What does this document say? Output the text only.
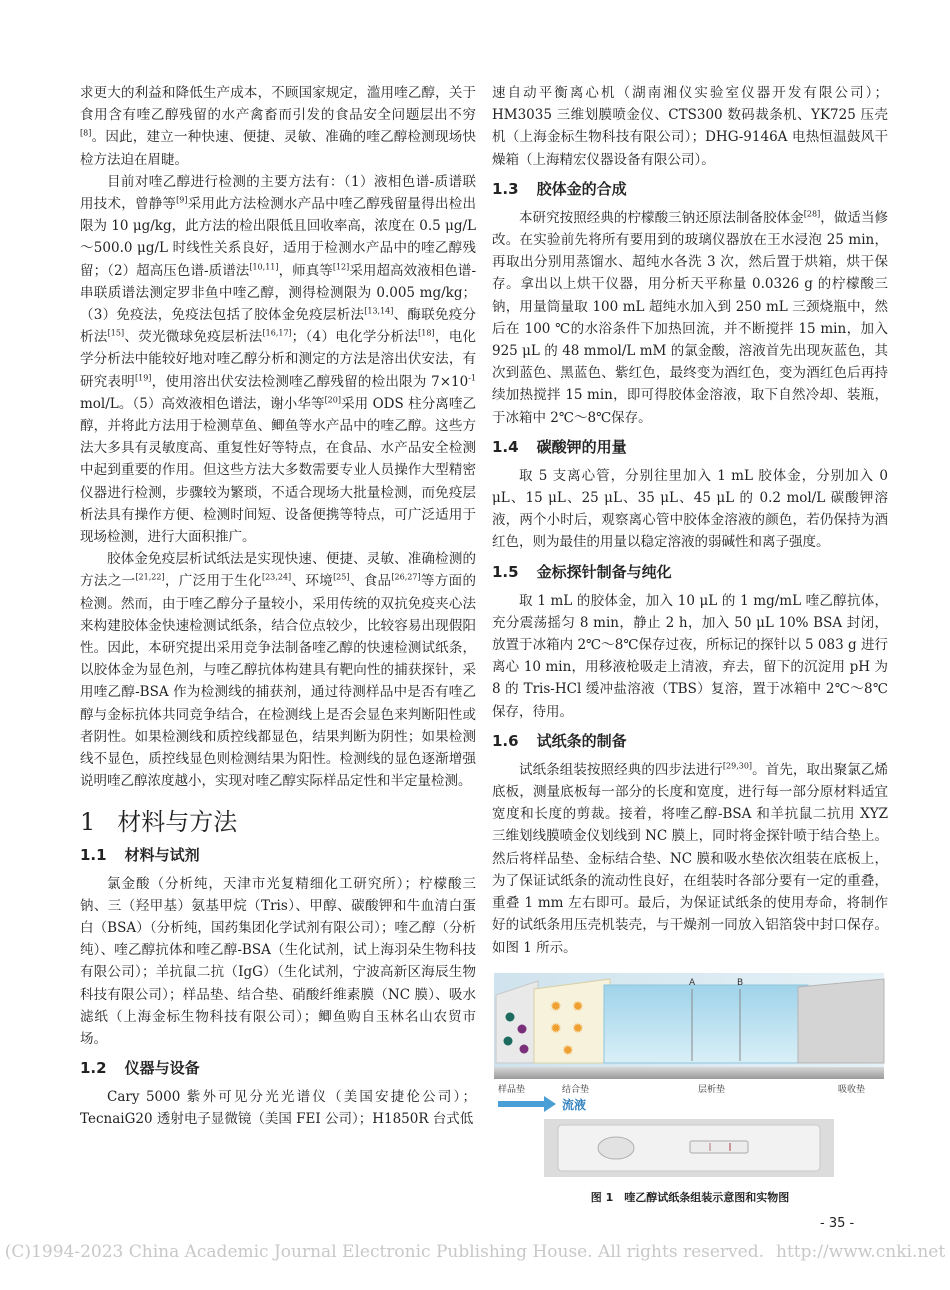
求更大的利益和降低生产成本，不顾国家规定，滥用喹乙醇，关于食用含有喹乙醇残留的水产禽畜而引发的食品安全问题层出不穷[8]。因此，建立一种快速、便捷、灵敏、准确的喹乙醇检测现场快检方法迫在眉睫。

目前对喹乙醇进行检测的主要方法有：（1）液相色谱-质谱联用技术，曾静等[9]采用此方法检测水产品中喹乙醇残留量得出检出限为 10 μg/kg，此方法的检出限低且回收率高，浓度在 0.5 μg/L～500.0 μg/L 时线性关系良好，适用于检测水产品中的喹乙醇残留；（2）超高压色谱-质谱法[10,11]，师真等[12]采用超高效液相色谱-串联质谱法测定罗非鱼中喹乙醇，测得检测限为 0.005 mg/kg；（3）免疫法，免疫法包括了胶体金免疫层析法[13,14]、酶联免疫分析法[15]、荧光微球免疫层析法[16,17]；（4）电化学分析法[18]，电化学分析法中能较好地对喹乙醇分析和测定的方法是溶出伏安法，有研究表明[19]，使用溶出伏安法检测喹乙醇残留的检出限为 $7\times 10^{-1}$ mol/L。（5）高效液相色谱法，谢小华等[20]采用 ODS 柱分离喹乙醇，并将此方法用于检测草鱼、鲫鱼等水产品中的喹乙醇。这些方法大多具有灵敏度高、重复性好等特点，在食品、水产品安全检测中起到重要的作用。但这些方法大多数需要专业人员操作大型精密仪器进行检测，步骤较为繁琐，不适合现场大批量检测，而免疫层析法具有操作方便、检测时间短、设备便携等特点，可广泛适用于现场检测，进行大面积推广。

胶体金免疫层析试纸法是实现快速、便捷、灵敏、准确检测的方法之一[21,22]，广泛用于生化[23,24]、环境[25]、食品[26,27]等方面的检测。然而，由于喹乙醇分子量较小，采用传统的双抗免疫夹心法来构建胶体金快速检测试纸条，结合位点较少，比较容易出现假阳性。因此，本研究提出采用竞争法制备喹乙醇的快速检测试纸条，以胶体金为显色剂，与喹乙醇抗体构建具有靶向性的捕获探针，采用喹乙醇-BSA 作为检测线的捕获剂，通过待测样品中是否有喹乙醇与金标抗体共同竞争结合，在检测线上是否会显色来判断阳性或者阴性。如果检测线和质控线都显色，结果判断为阴性；如果检测线不显色，质控线显色则检测结果为阳性。检测线的显色逐渐增强说明喹乙醇浓度越小，实现对喹乙醇实际样品定性和半定量检测。

1 材料与方法
1.1 材料与试剂

氯金酸（分析纯，天津市光复精细化工研究所）；柠檬酸三钠、三（羟甲基）氨基甲烷（Tris）、甲醇、碳酸钾和牛血清白蛋白（BSA）（分析纯，国药集团化学试剂有限公司）；喹乙醇（分析纯）、喹乙醇抗体和喹乙醇-BSA（生化试剂，试上海羽朵生物科技有限公司）；羊抗鼠二抗（IgG）（生化试剂，宁波高新区海辰生物科技有限公司）；样品垫、结合垫、硝酸纤维素膜（NC 膜）、吸水滤纸（上海金标生物科技有限公司）；鲫鱼购自玉林名山农贸市场。

1.2 仪器与设备

Cary 5000 紫外可见分光光谱仪（美国安捷伦公司）；TecnaiG20 透射电子显微镜（美国 FEI 公司）；H1850R 台式低

速自动平衡离心机（湖南湘仪实验室仪器开发有限公司）；HM3035 三维划膜喷金仪、CTS300 数码裁条机、YK725 压壳机（上海金标生物科技有限公司）；DHG-9146A 电热恒温鼓风干燥箱（上海精宏仪器设备有限公司）。

1.3 胶体金的合成

本研究按照经典的柠檬酸三钠还原法制备胶体金[28]，做适当修改。在实验前先将所有要用到的玻璃仪器放在王水浸泡 25 min，再取出分别用蒸馏水、超纯水各洗 3 次，然后置于烘箱，烘干保存。拿出以上烘干仪器，用分析天平称量 0.0326 g 的柠檬酸三钠，用量筒量取 100 mL 超纯水加入到 250 mL 三颈烧瓶中，然后在 100 ℃的水浴条件下加热回流，并不断搅拌 15 min，加入 925 μL 的 48 mmol/L mM 的氯金酸，溶液首先出现灰蓝色，其次到蓝色、黑蓝色、紫红色，最终变为酒红色，变为酒红色后再持续加热搅拌 15 min，即可得胶体金溶液，取下自然冷却、装瓶，于冰箱中 2℃～8℃保存。

1.4 碳酸钾的用量

取 5 支离心管，分别往里加入 1 mL 胶体金，分别加入 0 μL、15 μL、25 μL、35 μL、45 μL 的 0.2 mol/L 碳酸钾溶液，两个小时后，观察离心管中胶体金溶液的颜色，若仍保持为酒红色，则为最佳的用量以稳定溶液的弱碱性和离子强度。

1.5 金标探针制备与纯化

取 1 mL 的胶体金，加入 10 μL 的 1 mg/mL 喹乙醇抗体，充分震荡摇匀 8 min，静止 2 h，加入 50 μL 10% BSA 封闭，放置于冰箱内 2℃～8℃保存过夜，所标记的探针以 5 083 g 进行离心 10 min，用移液枪吸走上清液，弃去，留下的沉淀用 pH 为 8 的 Tris-HCl 缓冲盐溶液（TBS）复溶，置于冰箱中 2℃～8℃保存，待用。

1.6 试纸条的制备

试纸条组装按照经典的四步法进行[29,30]。首先，取出聚氯乙烯底板，测量底板每一部分的长度和宽度，进行每一部分原材料适宜宽度和长度的剪裁。接着，将喹乙醇-BSA 和羊抗鼠二抗用 XYZ 三维划线膜喷金仪划线到 NC 膜上，同时将金探针喷于结合垫上。然后将样品垫、金标结合垫、NC 膜和吸水垫依次组装在底板上，为了保证试纸条的流动性良好，在组装时各部分要有一定的重叠，重叠 1 mm 左右即可。最后，为保证试纸条的使用寿命，将制作好的试纸条用压壳机装壳，与干燥剂一同放入铝箔袋中封口保存。如图 1 所示。

✹ ✹
✹ ✹
✹
A	B
样品垫	结合垫	层析垫	吸收垫
流液
图 1　喹乙醇试纸条组装示意图和实物图
- 35 -
(C)1994-2023 China Academic Journal Electronic Publishing House. All rights reserved. http://www.cnki.net
